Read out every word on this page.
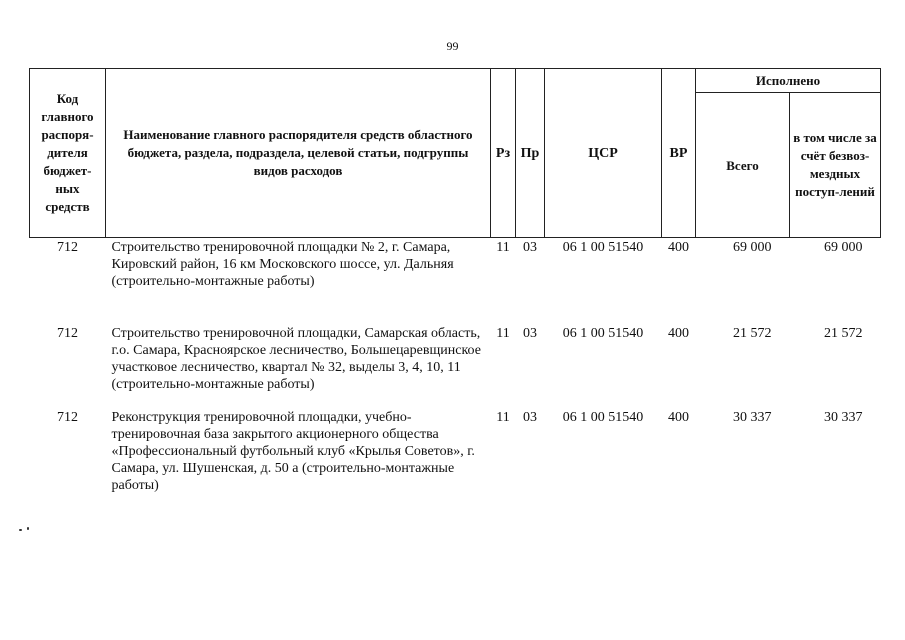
99
Код главного распоря-дителя бюджет-ных средств	Наименование главного распорядителя средств областного бюджета, раздела, подраздела, целевой статьи, подгруппы видов расходов	Рз	Пр	ЦСР	ВР	Исполнено	
						Всего	в том числе за счёт безвоз-мездных поступ-лений
712	Строительство тренировочной площадки № 2, г. Самара, Кировский район, 16 км Московского шоссе, ул. Дальняя (строительно-монтажные работы)	11	03	06 1 00 51540	400	69 000	69 000
712	Строительство тренировочной площадки, Самарская область, г.о. Самара, Красноярское лесничество, Большецаревщинское участковое лесничество, квартал № 32, выделы 3, 4, 10, 11 (строительно-монтажные работы)	11	03	06 1 00 51540	400	21 572	21 572
712	Реконструкция тренировочной площадки, учебно-тренировочная база закрытого акционерного общества «Профессиональный футбольный клуб «Крылья Советов», г. Самара, ул. Шушенская, д. 50 а (строительно-монтажные работы)	11	03	06 1 00 51540	400	30 337	30 337
